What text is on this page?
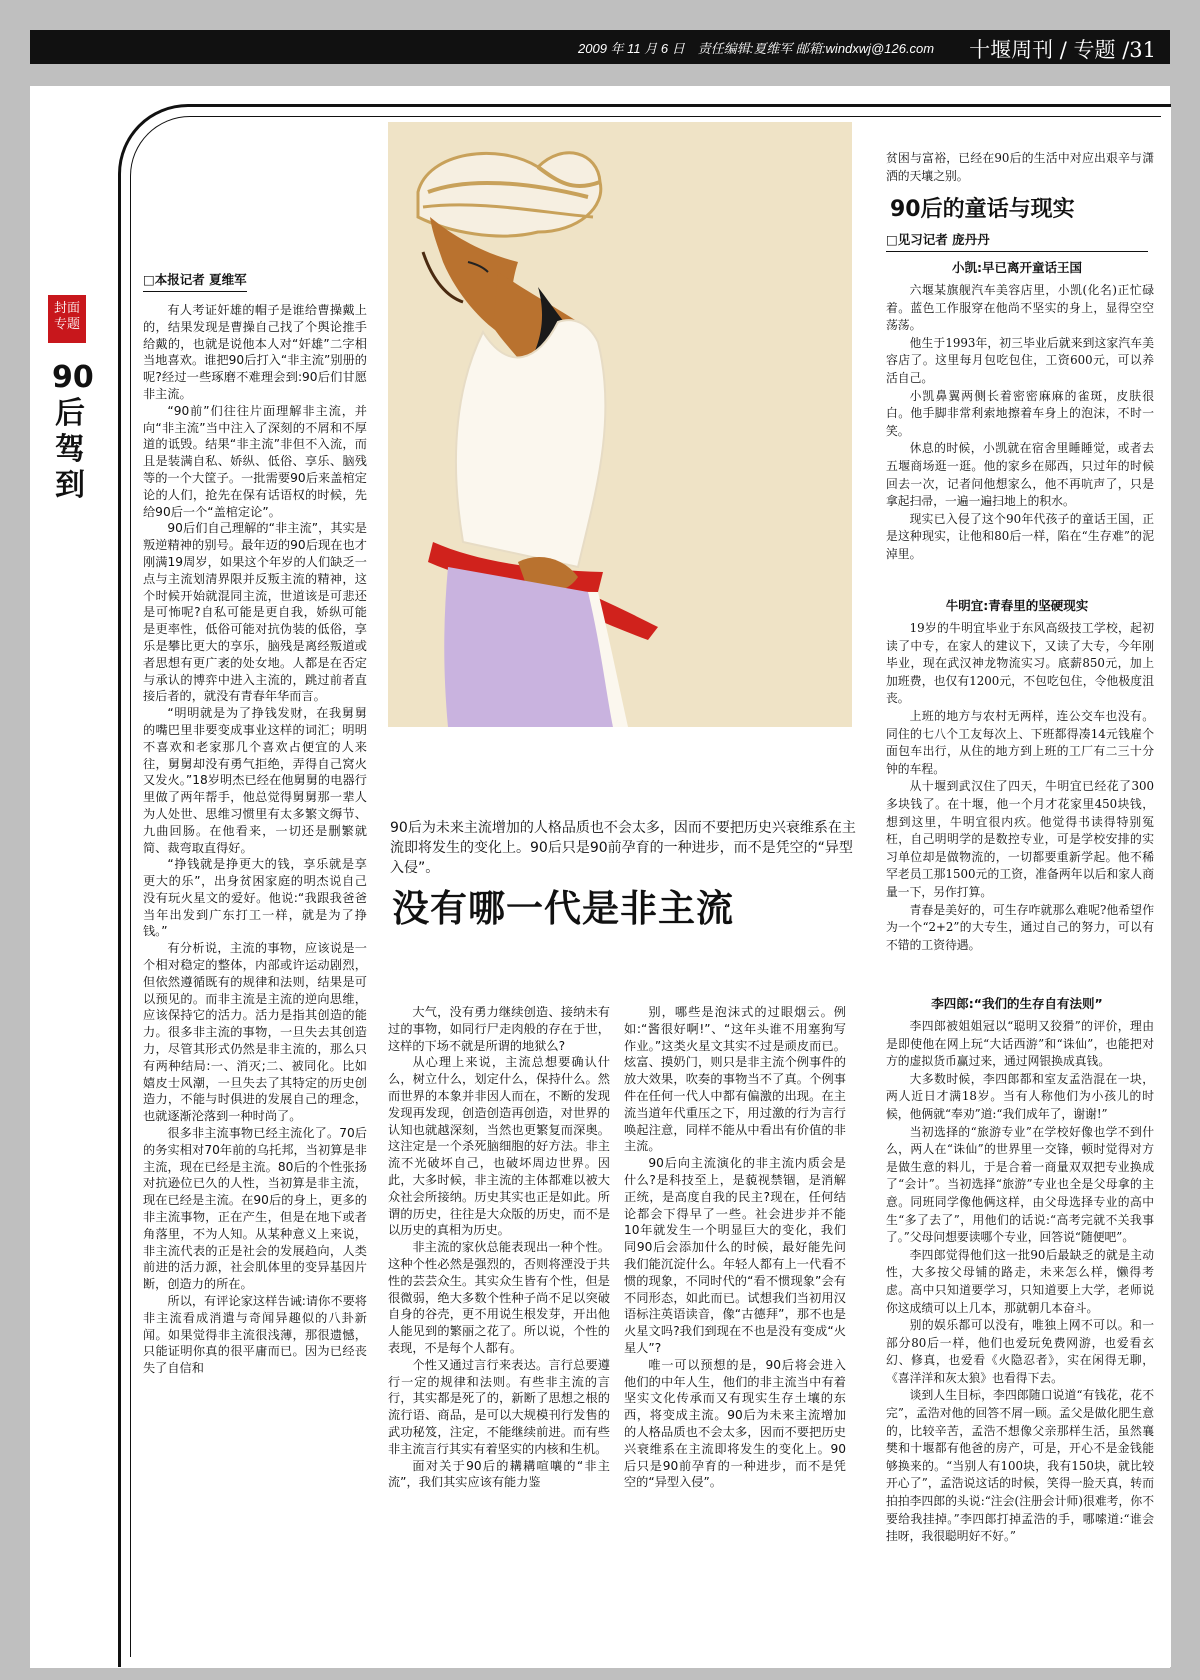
2009 年 11 月 6 日　责任编辑:夏维军 邮箱:windxwj@126.com 十堰周刊 / 专题 /31
封面专题
90后驾到
□本报记者 夏维军

有人考证奸雄的帽子是谁给曹操戴上的，结果发现是曹操自己找了个舆论推手给戴的，也就是说他本人对“奸雄”二字相当地喜欢。谁把90后打入“非主流”别册的呢?经过一些琢磨不难理会到:90后们甘愿非主流。

“90前”们往往片面理解非主流，并向“非主流”当中注入了深刻的不屑和不厚道的诋毁。结果“非主流”非但不入流，而且是装满自私、娇纵、低俗、享乐、脑残等的一个大筐子。一批需要90后来盖棺定论的人们，抢先在保有话语权的时候，先给90后一个“盖棺定论”。

90后们自己理解的“非主流”，其实是叛逆精神的别号。最年迈的90后现在也才刚满19周岁，如果这个年岁的人们缺乏一点与主流划清界限并反叛主流的精神，这个时候开始就混同主流，世道该是可悲还是可怖呢?自私可能是更自我，娇纵可能是更率性，低俗可能对抗伪装的低俗，享乐是攀比更大的享乐，脑残是离经叛道或者思想有更广袤的处女地。人都是在否定与承认的博弈中进入主流的，跳过前者直接后者的，就没有青春年华而言。

“明明就是为了挣钱发财，在我舅舅的嘴巴里非要变成事业这样的词汇；明明不喜欢和老家那几个喜欢占便宜的人来往，舅舅却没有勇气拒绝，弄得自己窝火又发火。”18岁明杰已经在他舅舅的电器行里做了两年帮手，他总觉得舅舅那一辈人为人处世、思维习惯里有太多繁文缛节、九曲回肠。在他看来，一切还是删繁就简、裁弯取直得好。

“挣钱就是挣更大的钱，享乐就是享更大的乐”，出身贫困家庭的明杰说自己没有玩火星文的爱好。他说:“我跟我爸爸当年出发到广东打工一样，就是为了挣钱。”

有分析说，主流的事物，应该说是一个相对稳定的整体，内部或许运动剧烈，但依然遵循既有的规律和法则，结果是可以预见的。而非主流是主流的逆向思维，应该保持它的活力。活力是指其创造的能力。很多非主流的事物，一旦失去其创造力，尽管其形式仍然是非主流的，那么只有两种结局:一、消灭;二、被同化。比如嬉皮士风潮，一旦失去了其特定的历史创造力，不能与时俱进的发展自己的理念，也就逐渐沦落到一种时尚了。

很多非主流事物已经主流化了。70后的务实相对70年前的乌托邦，当初算是非主流，现在已经是主流。80后的个性张扬对抗逊位已久的人性，当初算是非主流，现在已经是主流。在90后的身上，更多的非主流事物，正在产生，但是在地下或者角落里，不为人知。从某种意义上来说，非主流代表的正是社会的发展趋向，人类前进的活力源，社会肌体里的变异基因片断，创造力的所在。

所以，有评论家这样告诫:请你不要将非主流看成消遣与奇闻异趣似的八卦新闻。如果觉得非主流很浅薄，那很遗憾，只能证明你真的很平庸而已。因为已经丧失了自信和

90后为未来主流增加的人格品质也不会太多，因而不要把历史兴衰维系在主流即将发生的变化上。90后只是90前孕育的一种进步，而不是凭空的“异型入侵”。
没有哪一代是非主流

大气，没有勇力继续创造、接纳未有过的事物，如同行尸走肉般的存在于世，这样的下场不就是所谓的地狱么?

从心理上来说，主流总想要确认什么，树立什么，划定什么，保持什么。然而世界的本象并非因人而在，不断的发现发现再发现，创造创造再创造，对世界的认知也就越深刻，当然也更繁复而深奥。这注定是一个杀死脑细胞的好方法。非主流不光破坏自己，也破坏周边世界。因此，大多时候，非主流的主体都难以被大众社会所接纳。历史其实也正是如此。所谓的历史，往往是大众版的历史，而不是以历史的真相为历史。

非主流的家伙总能表现出一种个性。这种个性必然是强烈的，否则将湮没于共性的芸芸众生。其实众生皆有个性，但是很微弱，绝大多数个性种子尚不足以突破自身的谷壳，更不用说生根发芽，开出他人能见到的繁丽之花了。所以说，个性的表现，不是每个人都有。

个性又通过言行来表达。言行总要遵行一定的规律和法则。有些非主流的言行，其实都是死了的，新断了思想之根的流行语、商品，是可以大规模刊行发售的武功秘笈，注定，不能继续前进。而有些非主流言行其实有着坚实的内核和生机。

面对关于90后的耩耩喧嚷的“非主流”，我们其实应该有能力鉴

别，哪些是泡沫式的过眼烟云。例如:“酱很好啊!”、“这年头谁不用塞狗写作业。”这类火星文其实不过是顽皮而已。炫富、摸奶门，则只是非主流个例事件的放大效果，吹奏的事物当不了真。个例事件在任何一代人中都有偏激的出现。在主流当道年代重压之下，用过激的行为言行唤起注意，同样不能从中看出有价值的非主流。

90后向主流演化的非主流内质会是什么?是科技至上，是藐视禁锢，是消解正统，是高度自我的民主?现在，任何结论都会下得早了一些。社会进步并不能10年就发生一个明显巨大的变化，我们同90后会添加什么的时候，最好能先问我们能沉淀什么。年轻人都有上一代看不惯的现象，不同时代的“看不惯现象”会有不同形态，如此而已。试想我们当初用汉语标注英语读音，像“古德拜”，那不也是火星文吗?我们到现在不也是没有变成“火星人”?

唯一可以预想的是，90后将会进入他们的中年人生，他们的非主流当中有着坚实文化传承而又有现实生存土壤的东西，将变成主流。90后为未来主流增加的人格品质也不会太多，因而不要把历史兴衰维系在主流即将发生的变化上。90后只是90前孕育的一种进步，而不是凭空的“异型入侵”。

贫困与富裕，已经在90后的生活中对应出艰辛与潇洒的天壤之别。

90后的童话与现实
□见习记者 庞丹丹
小凯:早已离开童话王国

六堰某旗舰汽车美容店里，小凯(化名)正忙碌着。蓝色工作服穿在他尚不坚实的身上，显得空空荡荡。

他生于1993年，初三毕业后就来到这家汽车美容店了。这里每月包吃包住，工资600元，可以养活自己。

小凯鼻翼两侧长着密密麻麻的雀斑，皮肤很白。他手脚非常利索地擦着车身上的泡沫，不时一笑。

休息的时候，小凯就在宿舍里睡睡觉，或者去五堰商场逛一逛。他的家乡在郧西，只过年的时候回去一次，记者问他想家么，他不再吭声了，只是拿起扫帚，一遍一遍扫地上的积水。

现实已入侵了这个90年代孩子的童话王国，正是这种现实，让他和80后一样，陷在“生存难”的泥淖里。

牛明宜:青春里的坚硬现实

19岁的牛明宜毕业于东风高级技工学校，起初读了中专，在家人的建议下，又读了大专，今年刚毕业，现在武汉神龙物流实习。底薪850元，加上加班费，也仅有1200元，不包吃包住，令他极度沮丧。

上班的地方与农村无两样，连公交车也没有。同住的七八个工友每次上、下班都得凑14元钱雇个面包车出行，从住的地方到上班的工厂有二三十分钟的车程。

从十堰到武汉住了四天，牛明宜已经花了300多块钱了。在十堰，他一个月才花家里450块钱，想到这里，牛明宜很内疚。他觉得书读得特别冤枉，自己明明学的是数控专业，可是学校安排的实习单位却是做物流的，一切都要重新学起。他不稀罕老员工那1500元的工资，准备两年以后和家人商量一下，另作打算。

青春是美好的，可生存咋就那么难呢?他希望作为一个“2+2”的大专生，通过自己的努力，可以有不错的工资待遇。

李四郎:“我们的生存自有法则”

李四郎被姐姐冠以“聪明又狡猾”的评价，理由是即使他在网上玩“大话西游”和“诛仙”，也能把对方的虚拟货币赢过来，通过网银换成真钱。

大多数时候，李四郎都和室友孟浩混在一块，两人近日才满18岁。当有人称他们为小孩儿的时候，他俩就“奉劝”道:“我们成年了，谢谢!”

当初选择的“旅游专业”在学校好像也学不到什么，两人在“诛仙”的世界里一交锋，顿时觉得对方是做生意的料儿，于是合着一商量双双把专业换成了“会计”。当初选择“旅游”专业也全是父母拿的主意。同班同学像他俩这样，由父母选择专业的高中生“多了去了”，用他们的话说:“高考完就不关我事了。”父母问想要读哪个专业，回答说“随便吧”。

李四郎觉得他们这一批90后最缺乏的就是主动性，大多按父母铺的路走，未来怎么样，懒得考虑。高中只知道要学习，只知道要上大学，老师说你这成绩可以上几本，那就朝几本奋斗。

别的娱乐都可以没有，唯独上网不可以。和一部分80后一样，他们也爱玩免费网游，也爱看玄幻、修真，也爱看《火隐忍者》，实在闲得无聊，《喜洋洋和灰太狼》也看得下去。

谈到人生目标，李四郎随口说道“有钱花，花不完”，孟浩对他的回答不屑一顾。孟父是做化肥生意的，比较辛苦，孟浩不想像父亲那样生活，虽然襄樊和十堰都有他爸的房产，可是，开心不是金钱能够换来的。“当别人有100块，我有150块，就比较开心了”，孟浩说这话的时候，笑得一脸天真，转而拍拍李四郎的头说:“注会(注册会计师)很难考，你不要给我挂掉。”李四郎打掉孟浩的手，哪嗦道:“谁会挂呀，我很聪明好不好。”
